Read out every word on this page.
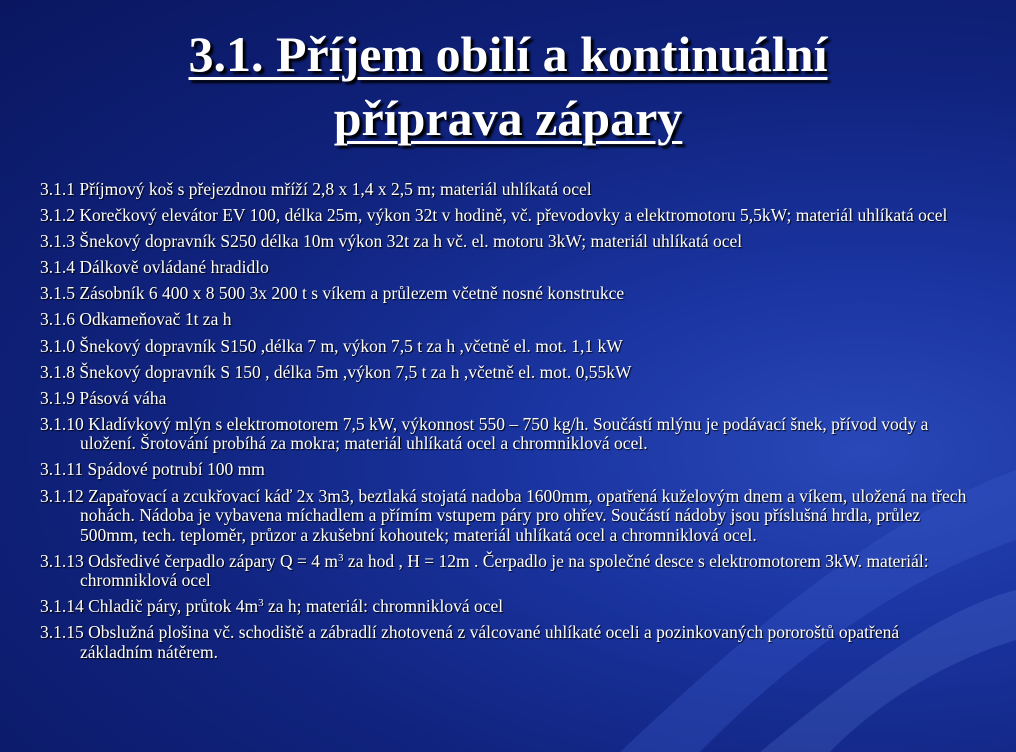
3.1. Příjem obilí a kontinuální
příprava zápary
3.1.1 Příjmový koš s přejezdnou mříží 2,8 x 1,4 x 2,5 m; materiál uhlíkatá ocel
3.1.2 Korečkový elevátor EV 100, délka 25m, výkon 32t v hodině, vč. převodovky a elektromotoru 5,5kW; materiál uhlíkatá ocel
3.1.3 Šnekový dopravník S250 délka 10m výkon 32t za h vč. el. motoru 3kW; materiál uhlíkatá ocel
3.1.4 Dálkově ovládané hradidlo
3.1.5 Zásobník 6 400 x 8 500 3x 200 t s víkem a průlezem včetně nosné konstrukce
3.1.6 Odkameňovač 1t za h
3.1.0 Šnekový dopravník S150 ,délka 7 m, výkon 7,5 t za h ,včetně el. mot. 1,1 kW
3.1.8 Šnekový dopravník S 150 , délka 5m ,výkon 7,5 t za h ,včetně el. mot. 0,55kW
3.1.9 Pásová váha
3.1.10 Kladívkový mlýn s elektromotorem 7,5 kW, výkonnost 550 – 750 kg/h. Součástí mlýnu je podávací šnek, přívod vody a uložení. Šrotování probíhá za mokra; materiál uhlíkatá ocel a chromniklová ocel.
3.1.11 Spádové potrubí 100 mm
3.1.12 Zapařovací a zcukřovací káď 2x 3m3, beztlaká stojatá nadoba 1600mm, opatřená kuželovým dnem a víkem, uložená na třech nohách. Nádoba je vybavena míchadlem a přímím vstupem páry pro ohřev. Součástí nádoby jsou příslušná hrdla, průlez 500mm, tech. teploměr, průzor a zkušební kohoutek; materiál uhlíkatá ocel a chromniklová ocel.
3.1.13 Odsředivé čerpadlo zápary Q = 4 $m^3$ za hod , H = 12m . Čerpadlo je na společné desce s elektromotorem 3kW. materiál: chromniklová ocel
3.1.14 Chladič páry, průtok $4m^3$ za h; materiál: chromniklová ocel
3.1.15 Obslužná plošina vč. schodiště a zábradlí zhotovená z válcované uhlíkaté oceli a pozinkovaných pororoštů opatřená základním nátěrem.
